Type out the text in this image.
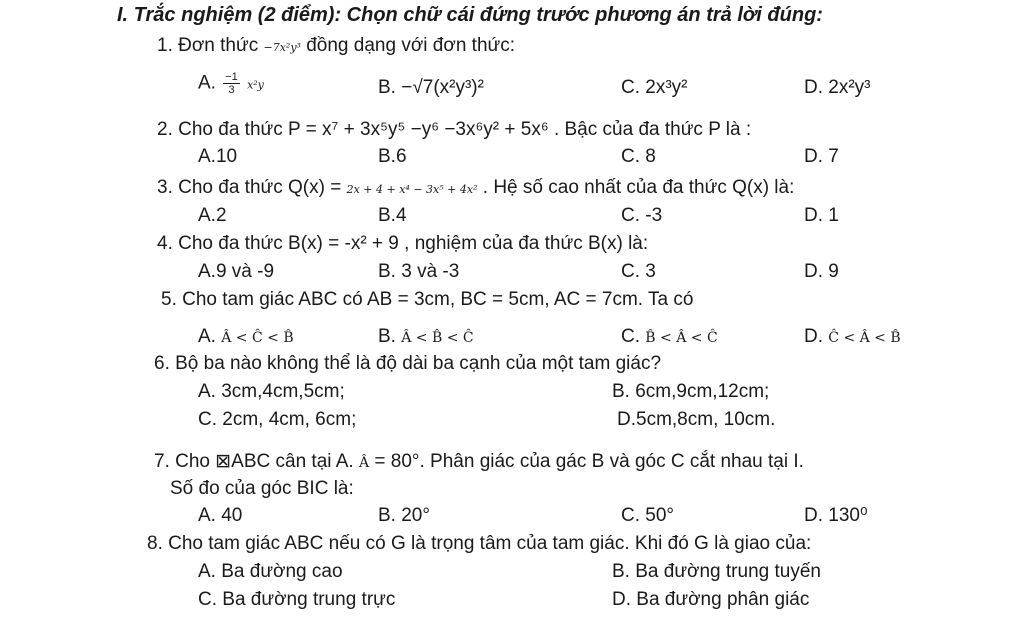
I. Trắc nghiệm (2 điểm): Chọn chữ cái đứng trước phương án trả lời đúng:
1. Đơn thức −7x²y³ đồng dạng với đơn thức:
A. $\frac{-1}{3} x^2y$	B. −√7(x²y³)²	C. 2x³y²	D. 2x²y³
2. Cho đa thức P = x⁷ + 3x⁵y⁵ −y⁶ −3x⁶y² + 5x⁶ . Bậc của đa thức P là :
A.10	B.6	C. 8	D. 7
3. Cho đa thức Q(x) = 2x + 4 + x⁴ − 3x⁵ + 4x² . Hệ số cao nhất của đa thức Q(x) là:
A.2	B.4	C. -3	D. 1
4. Cho đa thức B(x) = -x² + 9 , nghiệm của đa thức B(x) là:
A.9 và -9	B. 3 và -3	C. 3	D. 9
5. Cho tam giác ABC có AB = 3cm, BC = 5cm, AC = 7cm. Ta có
A. Â < Ĉ < B̂	B. Â < B̂ < Ĉ	C. B̂ < Â < Ĉ	D. Ĉ < Â < B̂
6. Bộ ba nào không thể là độ dài ba cạnh của một tam giác?
A. 3cm,4cm,5cm;	B. 6cm,9cm,12cm;
C. 2cm, 4cm, 6cm;	D.5cm,8cm, 10cm.
7. Cho ⊠ABC cân tại A. Â = 80°. Phân giác của gác B và góc C cắt nhau tại I.
Số đo của góc BIC là:
A. 40	B. 20°	C. 50°	D. 130⁰
8. Cho tam giác ABC nếu có G là trọng tâm của tam giác. Khi đó G là giao của:
A. Ba đường cao	B. Ba đường trung tuyến
C. Ba đường trung trực	D. Ba đường phân giác
